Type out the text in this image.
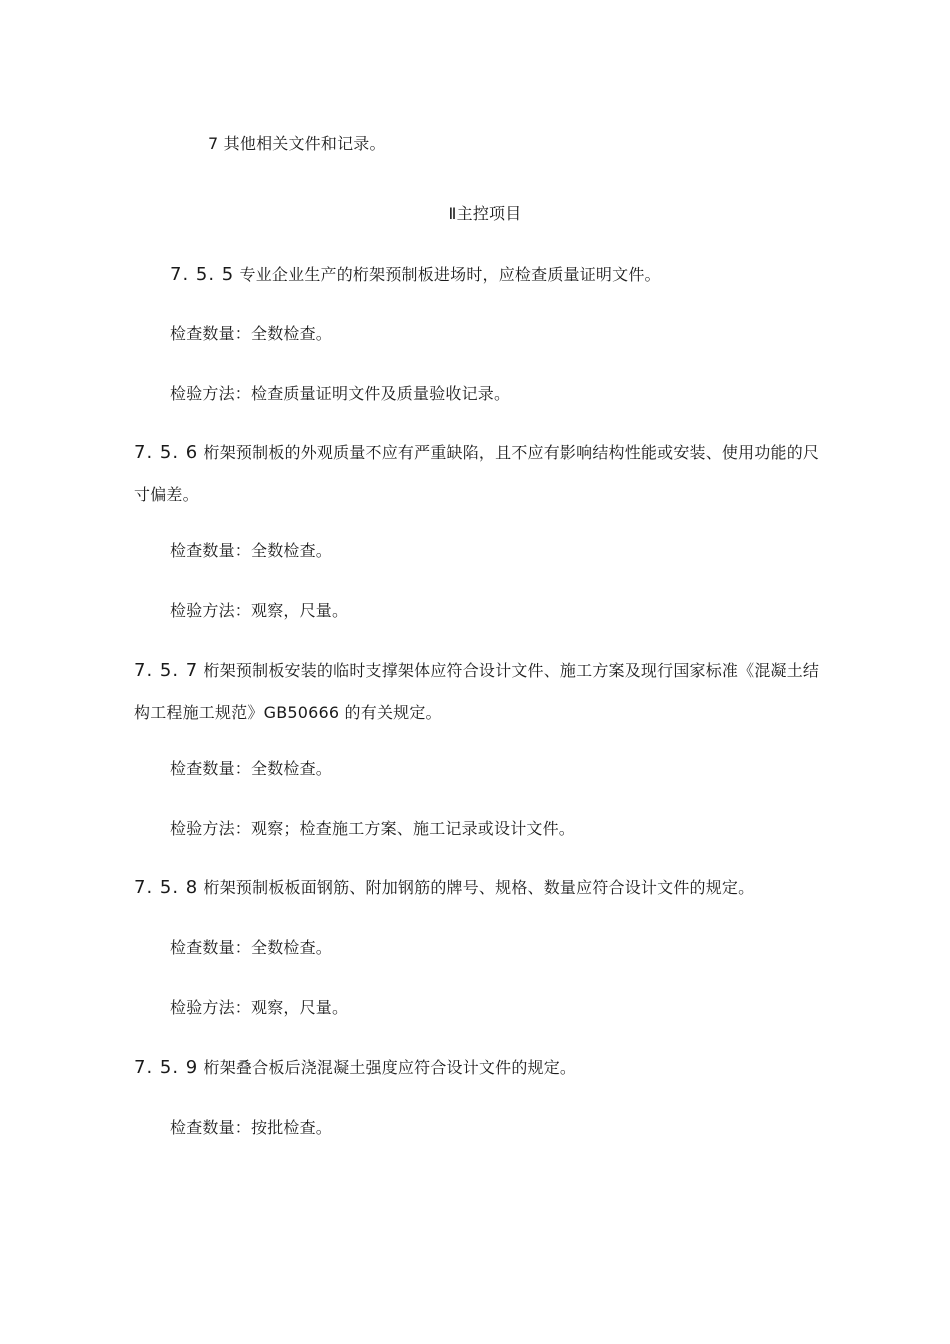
7 其他相关文件和记录。
Ⅱ主控项目
7. 5. 5 专业企业生产的桁架预制板进场时，应检查质量证明文件。
检查数量：全数检查。
检验方法：检查质量证明文件及质量验收记录。
7. 5. 6 桁架预制板的外观质量不应有严重缺陷，且不应有影响结构性能或安装、使用功能的尺
寸偏差。
检查数量：全数检查。
检验方法：观察，尺量。
7. 5. 7 桁架预制板安装的临时支撑架体应符合设计文件、施工方案及现行国家标准《混凝土结
构工程施工规范》GB50666 的有关规定。
检查数量：全数检查。
检验方法：观察；检查施工方案、施工记录或设计文件。
7. 5. 8 桁架预制板板面钢筋、附加钢筋的牌号、规格、数量应符合设计文件的规定。
检查数量：全数检查。
检验方法：观察，尺量。
7. 5. 9 桁架叠合板后浇混凝土强度应符合设计文件的规定。
检查数量：按批检查。
